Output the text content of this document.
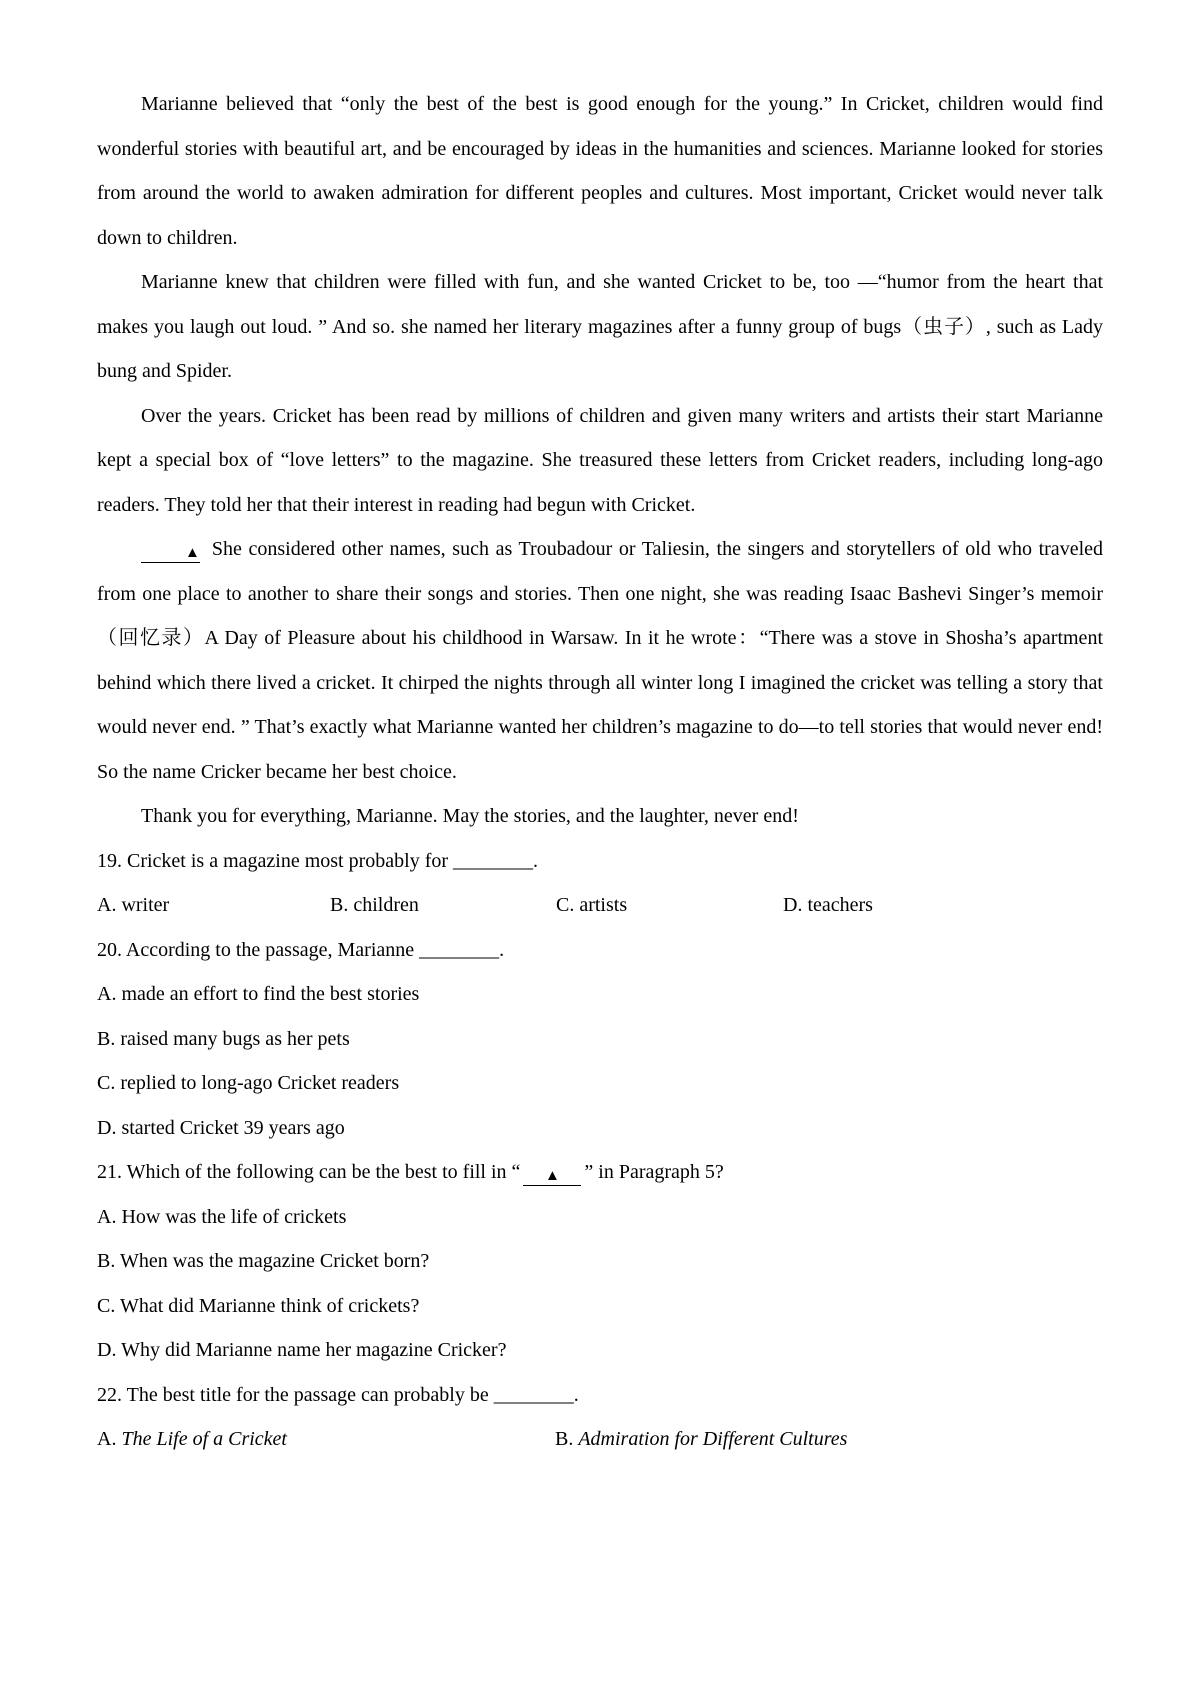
Marianne believed that “only the best of the best is good enough for the young.” In Cricket, children would find wonderful stories with beautiful art, and be encouraged by ideas in the humanities and sciences. Marianne looked for stories from around the world to awaken admiration for different peoples and cultures. Most important, Cricket would never talk down to children.

Marianne knew that children were filled with fun, and she wanted Cricket to be, too —“humor from the heart that makes you laugh out loud. ” And so. she named her literary magazines after a funny group of bugs（虫子）, such as Lady bung and Spider.

Over the years. Cricket has been read by millions of children and given many writers and artists their start Marianne kept a special box of “love letters” to the magazine. She treasured these letters from Cricket readers, including long-ago readers. They told her that their interest in reading had begun with Cricket.

▲ She considered other names, such as Troubadour or Taliesin, the singers and storytellers of old who traveled from one place to another to share their songs and stories. Then one night, she was reading Isaac Bashevi Singer’s memoir（回忆录）A Day of Pleasure about his childhood in Warsaw. In it he wrote：“There was a stove in Shosha’s apartment behind which there lived a cricket. It chirped the nights through all winter long I imagined the cricket was telling a story that would never end. ” That’s exactly what Marianne wanted her children’s magazine to do—to tell stories that would never end! So the name Cricker became her best choice.

Thank you for everything, Marianne. May the stories, and the laughter, never end!

19. Cricket is a magazine most probably for ________.

A. writer	B. children	C. artists	D. teachers

20. According to the passage, Marianne ________.

A. made an effort to find the best stories

B. raised many bugs as her pets

C. replied to long-ago Cricket readers

D. started Cricket 39 years ago

21. Which of the following can be the best to fill in “ ▲ ” in Paragraph 5?

A. How was the life of crickets

B. When was the magazine Cricket born?

C. What did Marianne think of crickets?

D. Why did Marianne name her magazine Cricker?

22. The best title for the passage can probably be ________.

A. The Life of a Cricket	B. Admiration for Different Cultures
